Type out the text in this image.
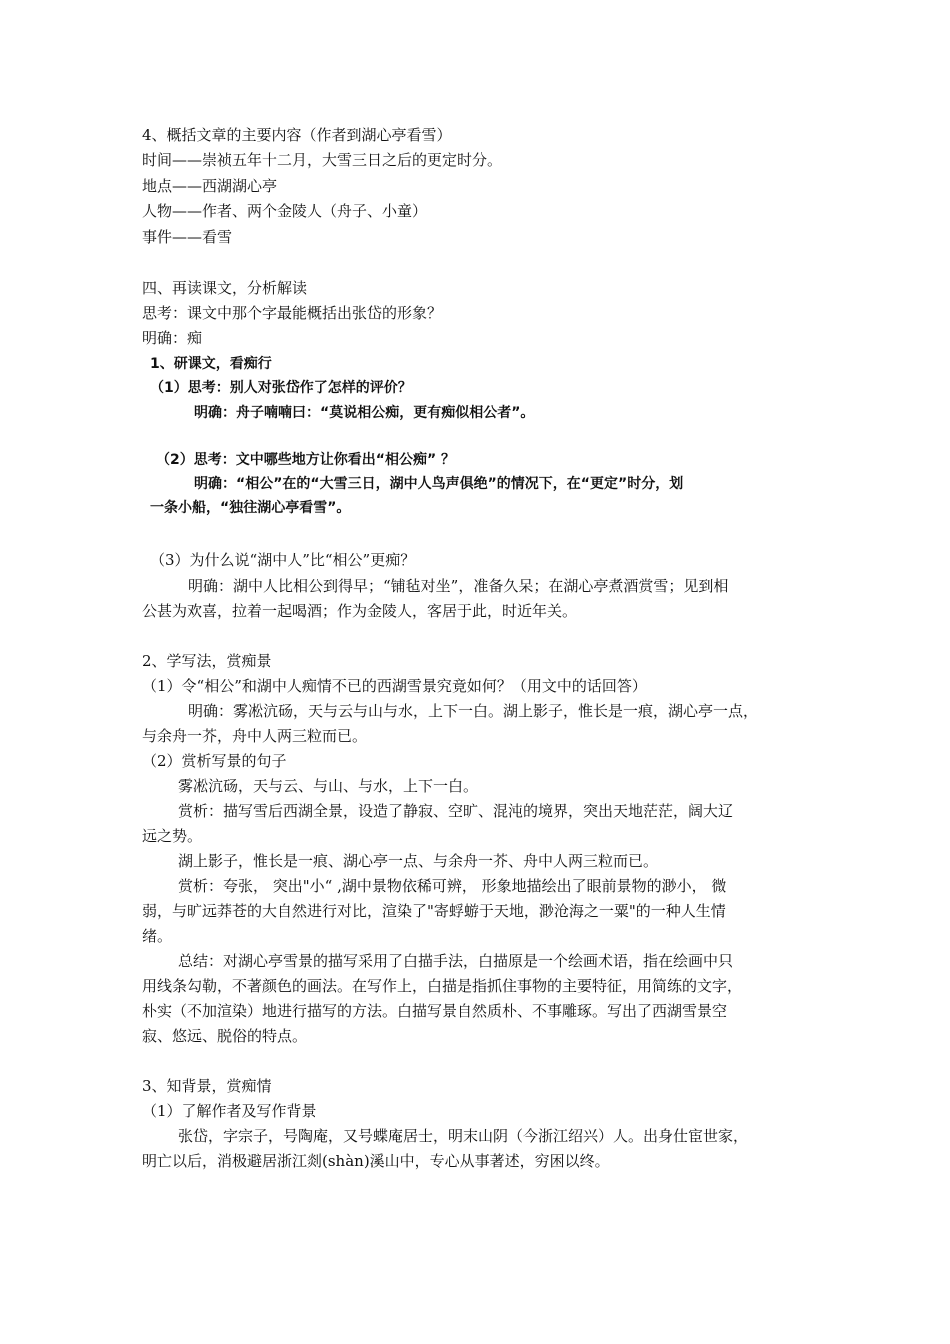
4、概括文章的主要内容（作者到湖心亭看雪）
时间——崇祯五年十二月，大雪三日之后的更定时分。
地点——西湖湖心亭
人物——作者、两个金陵人（舟子、小童）
事件——看雪
四、再读课文，分析解读
思考：课文中那个字最能概括出张岱的形象？
明确：痴
1、研课文，看痴行
（1）思考：别人对张岱作了怎样的评价？
明确：舟子喃喃曰：“莫说相公痴，更有痴似相公者”。
（2）思考：文中哪些地方让你看出“相公痴” ？
明确：“相公”在的“大雪三日，湖中人鸟声俱绝”的情况下，在“更定”时分，划
一条小船，“独往湖心亭看雪”。
（3）为什么说“湖中人”比“相公”更痴？
明确：湖中人比相公到得早；“铺毡对坐”，准备久呆；在湖心亭煮酒赏雪；见到相
公甚为欢喜，拉着一起喝酒；作为金陵人，客居于此，时近年关。
2、学写法，赏痴景
（1）令“相公”和湖中人痴情不已的西湖雪景究竟如何？（用文中的话回答）
明确：雾凇沆砀，天与云与山与水，上下一白。湖上影子，惟长是一痕，湖心亭一点，
与余舟一芥，舟中人两三粒而已。
（2）赏析写景的句子
雾凇沆砀，天与云、与山、与水，上下一白。
赏析：描写雪后西湖全景，设造了静寂、空旷、混沌的境界，突出天地茫茫，阔大辽
远之势。
湖上影子，惟长是一痕、湖心亭一点、与余舟一芥、舟中人两三粒而已。
赏析：夸张， 突出"小“ ,湖中景物依稀可辨， 形象地描绘出了眼前景物的渺小， 微
弱，与旷远莽苍的大自然进行对比，渲染了"寄蜉蝣于天地，渺沧海之一粟"的一种人生情
绪。
总结：对湖心亭雪景的描写采用了白描手法，白描原是一个绘画术语，指在绘画中只
用线条勾勒，不著颜色的画法。在写作上，白描是指抓住事物的主要特征，用简练的文字，
朴实（不加渲染）地进行描写的方法。白描写景自然质朴、不事雕琢。写出了西湖雪景空
寂、悠远、脱俗的特点。
3、知背景，赏痴情
（1）了解作者及写作背景
张岱，字宗子，号陶庵，又号蝶庵居士，明末山阴（今浙江绍兴）人。出身仕宦世家，
明亡以后，消极避居浙江剡(shàn)溪山中，专心从事著述，穷困以终。
